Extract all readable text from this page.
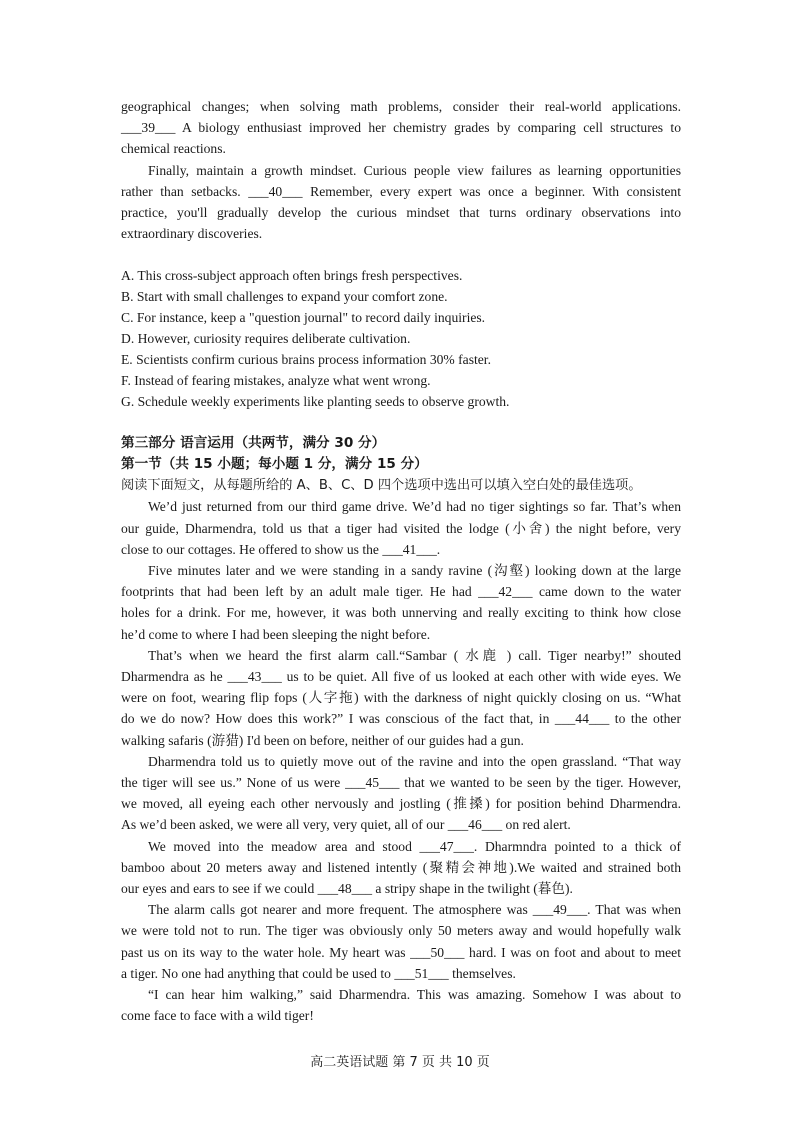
geographical changes; when solving math problems, consider their real-world applications.
___39___ A biology enthusiast improved her chemistry grades by comparing cell structures to
chemical reactions.
Finally, maintain a growth mindset. Curious people view failures as learning opportunities
rather than setbacks. ___40___ Remember, every expert was once a beginner. With consistent
practice, you'll gradually develop the curious mindset that turns ordinary observations into
extraordinary discoveries.
A. This cross-subject approach often brings fresh perspectives.
B. Start with small challenges to expand your comfort zone.
C. For instance, keep a "question journal" to record daily inquiries.
D. However, curiosity requires deliberate cultivation.
E. Scientists confirm curious brains process information 30% faster.
F. Instead of fearing mistakes, analyze what went wrong.
G. Schedule weekly experiments like planting seeds to observe growth.
第三部分 语言运用（共两节，满分 30 分）
第一节（共 15 小题；每小题 1 分，满分 15 分）
阅读下面短文，从每题所给的 A、B、C、D 四个选项中选出可以填入空白处的最佳选项。
We’d just returned from our third game drive. We’d had no tiger sightings so far. That’s when
our guide, Dharmendra, told us that a tiger had visited the lodge (小舍) the night before, very
close to our cottages. He offered to show us the ___41___.
Five minutes later and we were standing in a sandy ravine (沟壑) looking down at the large
footprints that had been left by an adult male tiger. He had ___42___ came down to the water
holes for a drink. For me, however, it was both unnerving and really exciting to think how close
he’d come to where I had been sleeping the night before.
That’s when we heard the first alarm call.“Sambar ( 水鹿 ) call. Tiger nearby!” shouted
Dharmendra as he ___43___ us to be quiet. All five of us looked at each other with wide eyes. We
were on foot, wearing flip fops (人字拖) with the darkness of night quickly closing on us. “What
do we do now? How does this work?” I was conscious of the fact that, in ___44___ to the other
walking safaris (游猎) I'd been on before, neither of our guides had a gun.
Dharmendra told us to quietly move out of the ravine and into the open grassland. “That way
the tiger will see us.” None of us were ___45___ that we wanted to be seen by the tiger. However,
we moved, all eyeing each other nervously and jostling (推搡) for position behind Dharmendra.
As we’d been asked, we were all very, very quiet, all of our ___46___ on red alert.
We moved into the meadow area and stood ___47___. Dharmndra pointed to a thick of
bamboo about 20 meters away and listened intently (聚精会神地).We waited and strained both
our eyes and ears to see if we could ___48___ a stripy shape in the twilight (暮色).
The alarm calls got nearer and more frequent. The atmosphere was ___49___. That was when
we were told not to run. The tiger was obviously only 50 meters away and would hopefully walk
past us on its way to the water hole. My heart was ___50___ hard. I was on foot and about to meet
a tiger. No one had anything that could be used to ___51___ themselves.
“I can hear him walking,” said Dharmendra. This was amazing. Somehow I was about to
come face to face with a wild tiger!
高二英语试题 第 7 页 共 10 页
